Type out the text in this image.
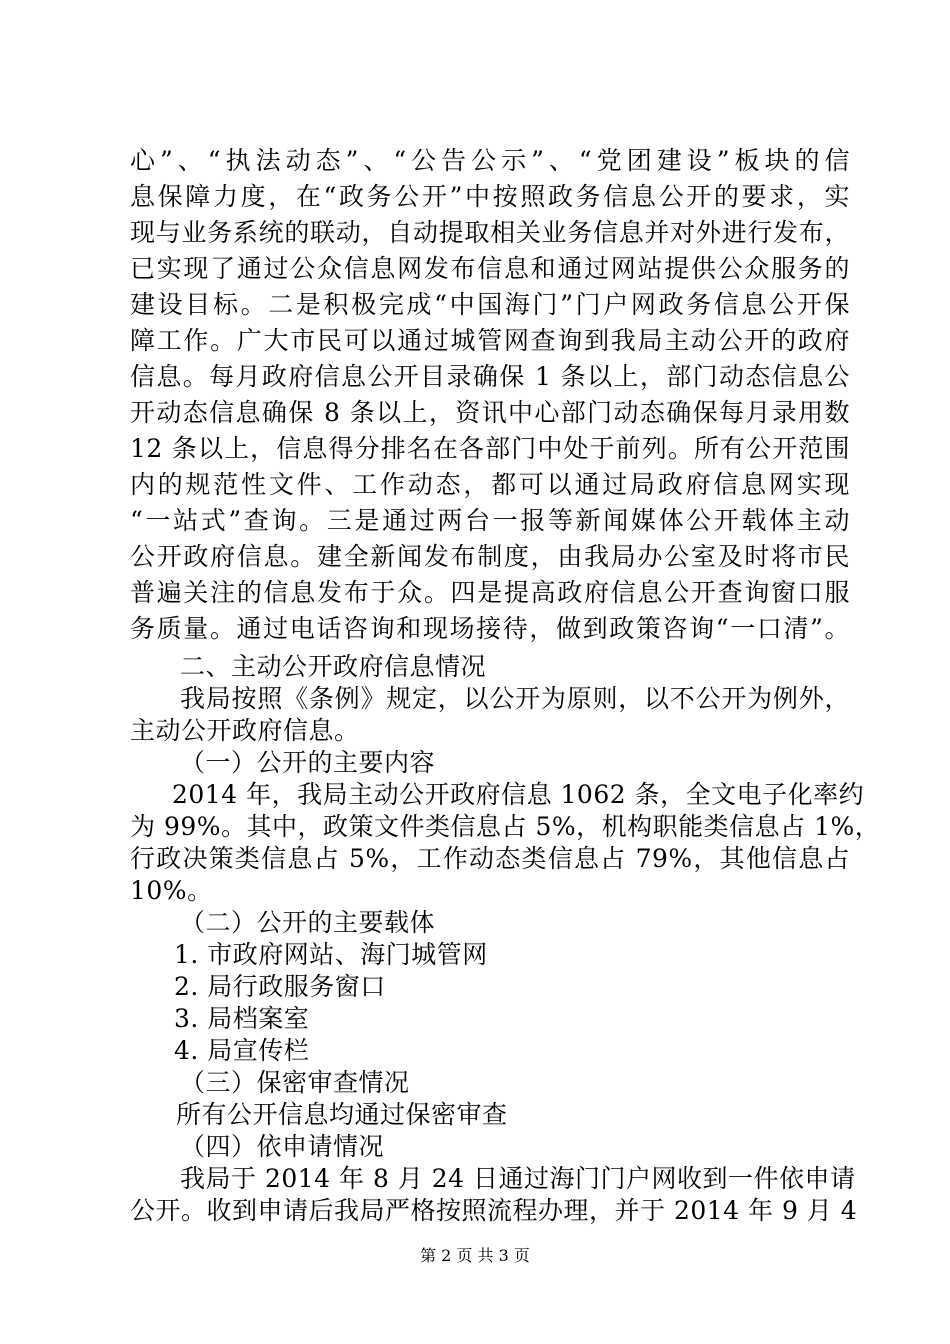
心”、“执法动态”、“公告公示”、“党团建设”板块的信
息保障力度，在“政务公开”中按照政务信息公开的要求，实
现与业务系统的联动，自动提取相关业务信息并对外进行发布，
已实现了通过公众信息网发布信息和通过网站提供公众服务的
建设目标。二是积极完成“中国海门”门户网政务信息公开保
障工作。广大市民可以通过城管网查询到我局主动公开的政府
信息。每月政府信息公开目录确保 1 条以上，部门动态信息公
开动态信息确保 8 条以上，资讯中心部门动态确保每月录用数
12 条以上，信息得分排名在各部门中处于前列。所有公开范围
内的规范性文件、工作动态，都可以通过局政府信息网实现
“一站式”查询。三是通过两台一报等新闻媒体公开载体主动
公开政府信息。建全新闻发布制度，由我局办公室及时将市民
普遍关注的信息发布于众。四是提高政府信息公开查询窗口服
务质量。通过电话咨询和现场接待，做到政策咨询“一口清”。
二、主动公开政府信息情况
我局按照《条例》规定，以公开为原则，以不公开为例外，
主动公开政府信息。
（一）公开的主要内容
2014 年，我局主动公开政府信息 1062 条，全文电子化率约
为 99%。其中，政策文件类信息占 5%，机构职能类信息占 1%，
行政决策类信息占 5%，工作动态类信息占 79%，其他信息占
10%。
（二）公开的主要载体
1. 市政府网站、海门城管网
2. 局行政服务窗口
3. 局档案室
4. 局宣传栏
（三）保密审查情况
所有公开信息均通过保密审查
（四）依申请情况
我局于 2014 年 8 月 24 日通过海门门户网收到一件依申请
公开。收到申请后我局严格按照流程办理，并于 2014 年 9 月 4
第 2 页 共 3 页
